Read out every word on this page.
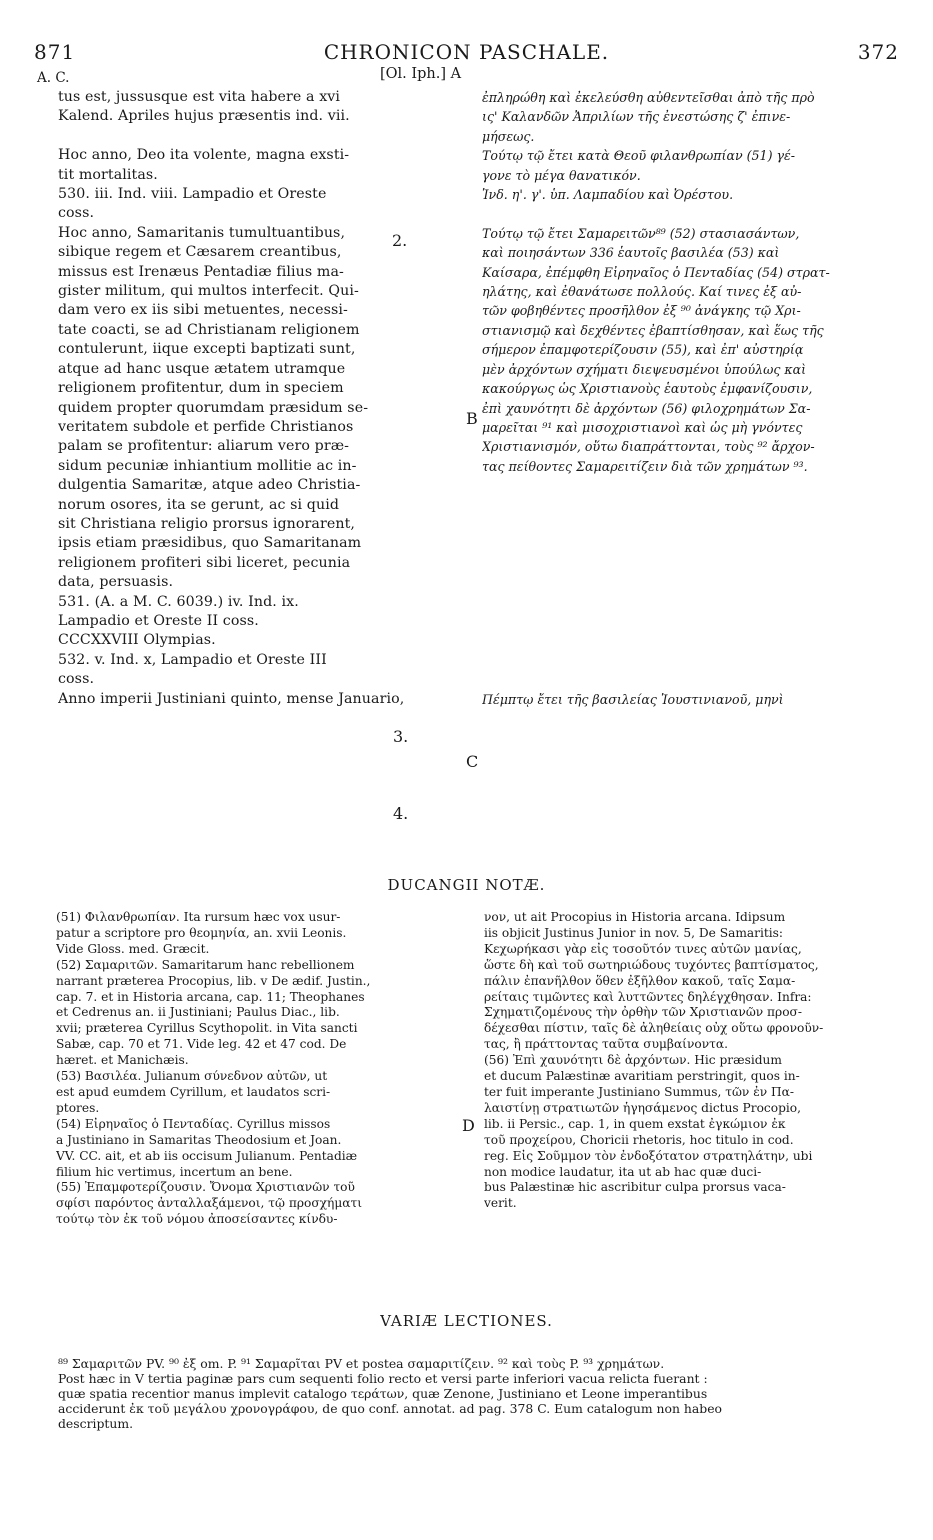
871	CHRONICON PASCHALE.	372
A. C.	[Ol. Iph.] A
tus est, jussusque est vita habere a xvi
Kalend. Apriles hujus præsentis ind. vii.

Hoc anno, Deo ita volente, magna exsti-
tit mortalitas.
530. iii. Ind. viii. Lampadio et Oreste
coss.
Hoc anno, Samaritanis tumultuantibus,
sibique regem et Cæsarem creantibus,
missus est Irenæus Pentadiæ filius ma-
gister militum, qui multos interfecit. Qui-
dam vero ex iis sibi metuentes, necessi-
tate coacti, se ad Christianam religionem
contulerunt, iique excepti baptizati sunt,
atque ad hanc usque ætatem utramque
religionem profitentur, dum in speciem
quidem propter quorumdam præsidum se-
veritatem subdole et perfide Christianos
palam se profitentur: aliarum vero præ-
sidum pecuniæ inhiantium mollitie ac in-
dulgentia Samaritæ, atque adeo Christia-
norum osores, ita se gerunt, ac si quid
sit Christiana religio prorsus ignorarent,
ipsis etiam præsidibus, quo Samaritanam
religionem profiteri sibi liceret, pecunia
data, persuasis.
531. (A. a M. C. 6039.) iv. Ind. ix.
Lampadio et Oreste II coss.
CCCXXVIII Olympias.
532. v. Ind. x, Lampadio et Oreste III
coss.
Anno imperii Justiniani quinto, mense Januario,
ἐπληρώθη καὶ ἐκελεύσθη αὐθεντεῖσθαι ἀπὸ τῆς πρὸ
ις' Καλανδῶν Ἀπριλίων τῆς ἐνεστώσης ζ' ἐπινε-
μήσεως.
Τούτῳ τῷ ἔτει κατὰ Θεοῦ φιλανθρωπίαν (51) γέ-
γονε τὸ μέγα θανατικόν.
Ἰνδ. η'. γ'. ὑπ. Λαμπαδίου καὶ Ὀρέστου.

Τούτῳ τῷ ἔτει Σαμαρειτῶν⁸⁹ (52) στασιασάντων,
καὶ ποιησάντων 336 ἑαυτοῖς βασιλέα (53) καὶ
Καίσαρα, ἐπέμφθη Εἰρηναῖος ὁ Πενταδίας (54) στρατ-
ηλάτης, καὶ ἐθανάτωσε πολλούς. Καί τινες ἐξ αὐ-
τῶν φοβηθέντες προσῆλθον ἐξ ⁹⁰ ἀνάγκης τῷ Χρι-
στιανισμῷ καὶ δεχθέντες ἐβαπτίσθησαν, καὶ ἕως τῆς
σήμερον ἐπαμφοτερίζουσιν (55), καὶ ἐπ' αὐστηρίᾳ
μὲν ἀρχόντων σχήματι διεψευσμένοι ὑπούλως καὶ
κακούργως ὡς Χριστιανοὺς ἑαυτοὺς ἐμφανίζουσιν,
ἐπὶ χαυνότητι δὲ ἀρχόντων (56) φιλοχρημάτων Σα-
μαρεῖται ⁹¹ καὶ μισοχριστιανοὶ καὶ ὡς μὴ γνόντες
Χριστιανισμόν, οὕτω διαπράττονται, τοὺς ⁹² ἄρχον-
τας πείθοντες Σαμαρειτίζειν διὰ τῶν χρημάτων ⁹³.

Πέμπτῳ ἔτει τῆς βασιλείας Ἰουστινιανοῦ, μηνὶ
2.
3.
4.
B
C
D
DUCANGII NOTÆ.
(51) Φιλανθρωπίαν. Ita rursum hæc vox usur-
patur a scriptore pro θεομηνία, an. xvii Leonis.
Vide Gloss. med. Græcit.
(52) Σαμαριτῶν. Samaritarum hanc rebellionem
narrant præterea Procopius, lib. v De ædif. Justin.,
cap. 7. et in Historia arcana, cap. 11; Theophanes
et Cedrenus an. ii Justiniani; Paulus Diac., lib.
xvii; præterea Cyrillus Scythopolit. in Vita sancti
Sabæ, cap. 70 et 71. Vide leg. 42 et 47 cod. De
hæret. et Manichæis.
(53) Βασιλέα. Julianum σύνεδνον αὐτῶν, ut
est apud eumdem Cyrillum, et laudatos scri-
ptores.
(54) Εἰρηναῖος ὁ Πενταδίας. Cyrillus missos
a Justiniano in Samaritas Theodosium et Joan.
VV. CC. ait, et ab iis occisum Julianum. Pentadiæ
filium hic vertimus, incertum an bene.
(55) Ἐπαμφοτερίζουσιν. Ὄνομα Χριστιανῶν τοῦ
σφίσι παρόντος ἀνταλλαξάμενοι, τῷ προσχήματι
τούτῳ τὸν ἐκ τοῦ νόμου ἀποσείσαντες κίνδυ-
νον, ut ait Procopius in Historia arcana. Idipsum
iis objicit Justinus Junior in nov. 5, De Samaritis:
Κεχωρήκασι γὰρ εἰς τοσοῦτόν τινες αὐτῶν μανίας,
ὥστε δὴ καὶ τοῦ σωτηριώδους τυχόντες βαπτίσματος,
πάλιν ἐπανῆλθον ὅθεν ἐξῆλθον κακοῦ, ταῖς Σαμα-
ρείταις τιμῶντες καὶ λυττῶντες δηλέγχθησαν. Infra:
Σχηματιζομένους τὴν ὀρθὴν τῶν Χριστιανῶν προσ-
δέχεσθαι πίστιν, ταῖς δὲ ἀληθείαις οὐχ οὕτω φρονοῦν-
τας, ἢ πράττοντας ταῦτα συμβαίνοντα.
(56) Ἐπὶ χαυνότητι δὲ ἀρχόντων. Hic præsidum
et ducum Palæstinæ avaritiam perstringit, quos in-
ter fuit imperante Justiniano Summus, τῶν ἐν Πα-
λαιστίνῃ στρατιωτῶν ἡγησάμενος dictus Procopio,
lib. ii Persic., cap. 1, in quem exstat ἐγκώμιον ἐκ
τοῦ προχείρου, Choricii rhetoris, hoc titulo in cod.
reg. Εἰς Σοῦμμον τὸν ἐνδοξότατον στρατηλάτην, ubi
non modice laudatur, ita ut ab hac quæ duci-
bus Palæstinæ hic ascribitur culpa prorsus vaca-
verit.
VARIÆ LECTIONES.
⁸⁹ Σαμαριτῶν PV. ⁹⁰ ἐξ om. P. ⁹¹ Σαμαρῖται PV et postea σαμαριτίζειν. ⁹² καὶ τοὺς P. ⁹³ χρημάτων.
Post hæc in V tertia paginæ pars cum sequenti folio recto et versi parte inferiori vacua relicta fuerant :
quæ spatia recentior manus implevit catalogo τεράτων, quæ Zenone, Justiniano et Leone imperantibus
acciderunt ἐκ τοῦ μεγάλου χρονογράφου, de quo conf. annotat. ad pag. 378 C. Eum catalogum non habeo
descriptum.
